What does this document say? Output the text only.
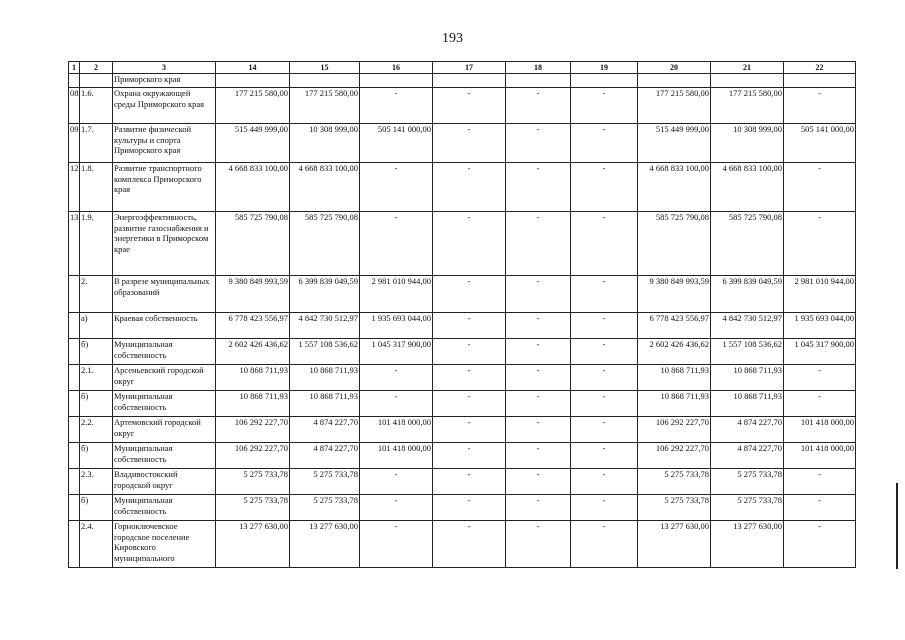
193
1	2	3	14	15	16	17	18	19	20	21	22
		Приморского края									
08	1.6.	Охрана окружающей среды Приморского края	177 215 580,00	177 215 580,00	-	-	-	-	177 215 580,00	177 215 580,00	-
09	1.7.	Развитие физической культуры и спорта Приморского края	515 449 999,00	10 308 999,00	505 141 000,00	-	-	-	515 449 999,00	10 308 999,00	505 141 000,00
12	1.8.	Развитие транспортного комплекса Приморского края	4 668 833 100,00	4 668 833 100,00	-	-	-	-	4 668 833 100,00	4 668 833 100,00	-
13	1.9.	Энергоэффективность, развитие газоснабжения и энергетики в Приморском крае	585 725 790,08	585 725 790,08	-	-	-	-	585 725 790,08	585 725 790,08	-
	2.	В разрезе муниципальных образований	9 380 849 993,59	6 399 839 049,59	2 981 010 944,00	-	-	-	9 380 849 993,59	6 399 839 049,59	2 981 010 944,00
	а)	Краевая собственность	6 778 423 556,97	4 842 730 512,97	1 935 693 044,00	-	-	-	6 778 423 556,97	4 842 730 512,97	1 935 693 044,00
	б)	Муниципальная собственность	2 602 426 436,62	1 557 108 536,62	1 045 317 900,00	-	-	-	2 602 426 436,62	1 557 108 536,62	1 045 317 900,00
	2.1.	Арсеньевский городской округ	10 868 711,93	10 868 711,93	-	-	-	-	10 868 711,93	10 868 711,93	-
	б)	Муниципальная собственность	10 868 711,93	10 868 711,93	-	-	-	-	10 868 711,93	10 868 711,93	-
	2.2.	Артемовский городской округ	106 292 227,70	4 874 227,70	101 418 000,00	-	-	-	106 292 227,70	4 874 227,70	101 418 000,00
	б)	Муниципальная собственность	106 292 227,70	4 874 227,70	101 418 000,00	-	-	-	106 292 227,70	4 874 227,70	101 418 000,00
	2.3.	Владивостокский городской округ	5 275 733,78	5 275 733,78	-	-	-	-	5 275 733,78	5 275 733,78	-
	б)	Муниципальная собственность	5 275 733,78	5 275 733,78	-	-	-	-	5 275 733,78	5 275 733,78	-
	2.4.	Горноключевское городское поселение Кировского муниципального	13 277 630,00	13 277 630,00	-	-	-	-	13 277 630,00	13 277 630,00	-
